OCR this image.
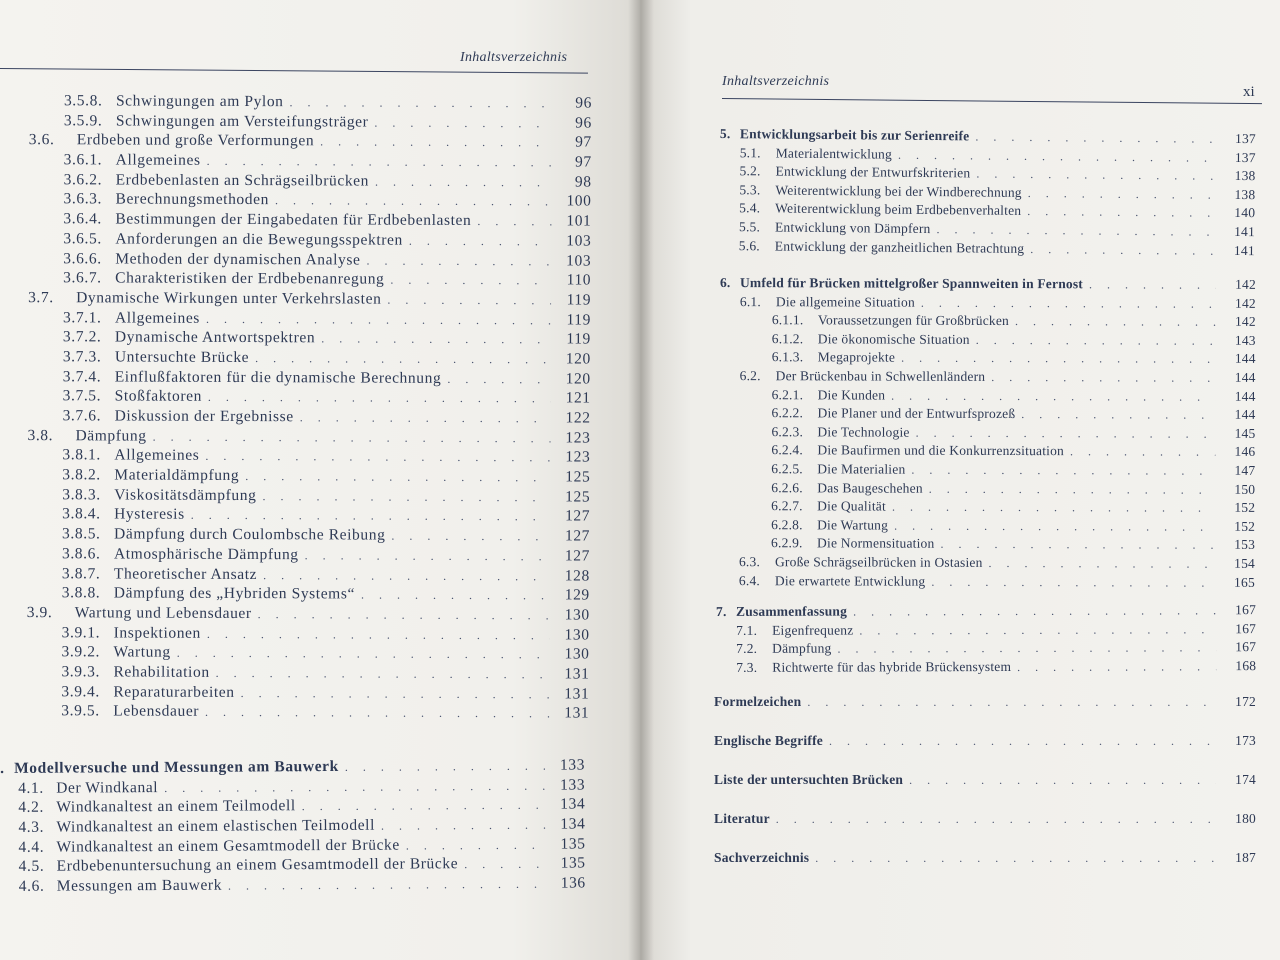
Inhaltsverzeichnis
3.5.8. Schwingungen am Pylon . . .	96
3.5.9. Schwingungen am Versteifungsträger . . .	96
3.6.	Erdbeben und große Verformungen . . .	97
3.6.1. Allgemeines . . .	97
3.6.2. Erdbebenlasten an Schrägseilbrücken . . .	98
3.6.3. Berechnungsmethoden . . .	100
3.6.4. Bestimmungen der Eingabedaten für Erdbebenlasten . . .	101
3.6.5. Anforderungen an die Bewegungsspektren . . .	103
3.6.6. Methoden der dynamischen Analyse . . .	103
3.6.7. Charakteristiken der Erdbebenanregung . . .	110
3.7.	Dynamische Wirkungen unter Verkehrslasten . . .	119
3.7.1. Allgemeines . . .	119
3.7.2. Dynamische Antwortspektren . . .	119
3.7.3. Untersuchte Brücke . . .	120
3.7.4. Einflußfaktoren für die dynamische Berechnung . . .	120
3.7.5. Stoßfaktoren . . .	121
3.7.6. Diskussion der Ergebnisse . . .	122
3.8.	Dämpfung . . .	123
3.8.1. Allgemeines . . .	123
3.8.2. Materialdämpfung . . .	125
3.8.3. Viskositätsdämpfung . . .	125
3.8.4. Hysteresis . . .	127
3.8.5. Dämpfung durch Coulombsche Reibung . . .	127
3.8.6. Atmosphärische Dämpfung . . .	127
3.8.7. Theoretischer Ansatz . . .	128
3.8.8. Dämpfung des „Hybriden Systems“ . . .	129
3.9.	Wartung und Lebensdauer . . .	130
3.9.1. Inspektionen . . .	130
3.9.2. Wartung . . .	130
3.9.3. Rehabilitation . . .	131
3.9.4. Reparaturarbeiten . . .	131
3.9.5. Lebensdauer . . .	131
. Modellversuche und Messungen am Bauwerk . . .	133
4.1. Der Windkanal . . .	133
4.2. Windkanaltest an einem Teilmodell . . .	134
4.3. Windkanaltest an einem elastischen Teilmodell . . .	134
4.4. Windkanaltest an einem Gesamtmodell der Brücke . . .	135
4.5. Erdbebenuntersuchung an einem Gesamtmodell der Brücke . . .	135
4.6. Messungen am Bauwerk . . .	136
Inhaltsverzeichnis
xi
5. Entwicklungsarbeit bis zur Serienreife . . .	137
5.1.	Materialentwicklung . . .	137
5.2.	Entwicklung der Entwurfskriterien . . .	138
5.3.	Weiterentwicklung bei der Windberechnung . . .	138
5.4.	Weiterentwicklung beim Erdbebenverhalten . . .	140
5.5.	Entwicklung von Dämpfern . . .	141
5.6.	Entwicklung der ganzheitlichen Betrachtung . . .	141
6. Umfeld für Brücken mittelgroßer Spannweiten in Fernost . . .	142
6.1.	Die allgemeine Situation . . .	142
6.1.1.	Voraussetzungen für Großbrücken . . .	142
6.1.2.	Die ökonomische Situation . . .	143
6.1.3.	Megaprojekte . . .	144
6.2.	Der Brückenbau in Schwellenländern . . .	144
6.2.1.	Die Kunden . . .	144
6.2.2.	Die Planer und der Entwurfsprozeß . . .	144
6.2.3.	Die Technologie . . .	145
6.2.4.	Die Baufirmen und die Konkurrenzsituation . . .	146
6.2.5.	Die Materialien . . .	147
6.2.6.	Das Baugeschehen . . .	150
6.2.7.	Die Qualität . . .	152
6.2.8.	Die Wartung . . .	152
6.2.9.	Die Normensituation . . .	153
6.3.	Große Schrägseilbrücken in Ostasien . . .	154
6.4.	Die erwartete Entwicklung . . .	165
7. Zusammenfassung . . .	167
7.1.	Eigenfrequenz . . .	167
7.2.	Dämpfung . . .	167
7.3.	Richtwerte für das hybride Brückensystem . . .	168
Formelzeichen . . .	172
Englische Begriffe . . .	173
Liste der untersuchten Brücken . . .	174
Literatur . . .	180
Sachverzeichnis . . .	187
